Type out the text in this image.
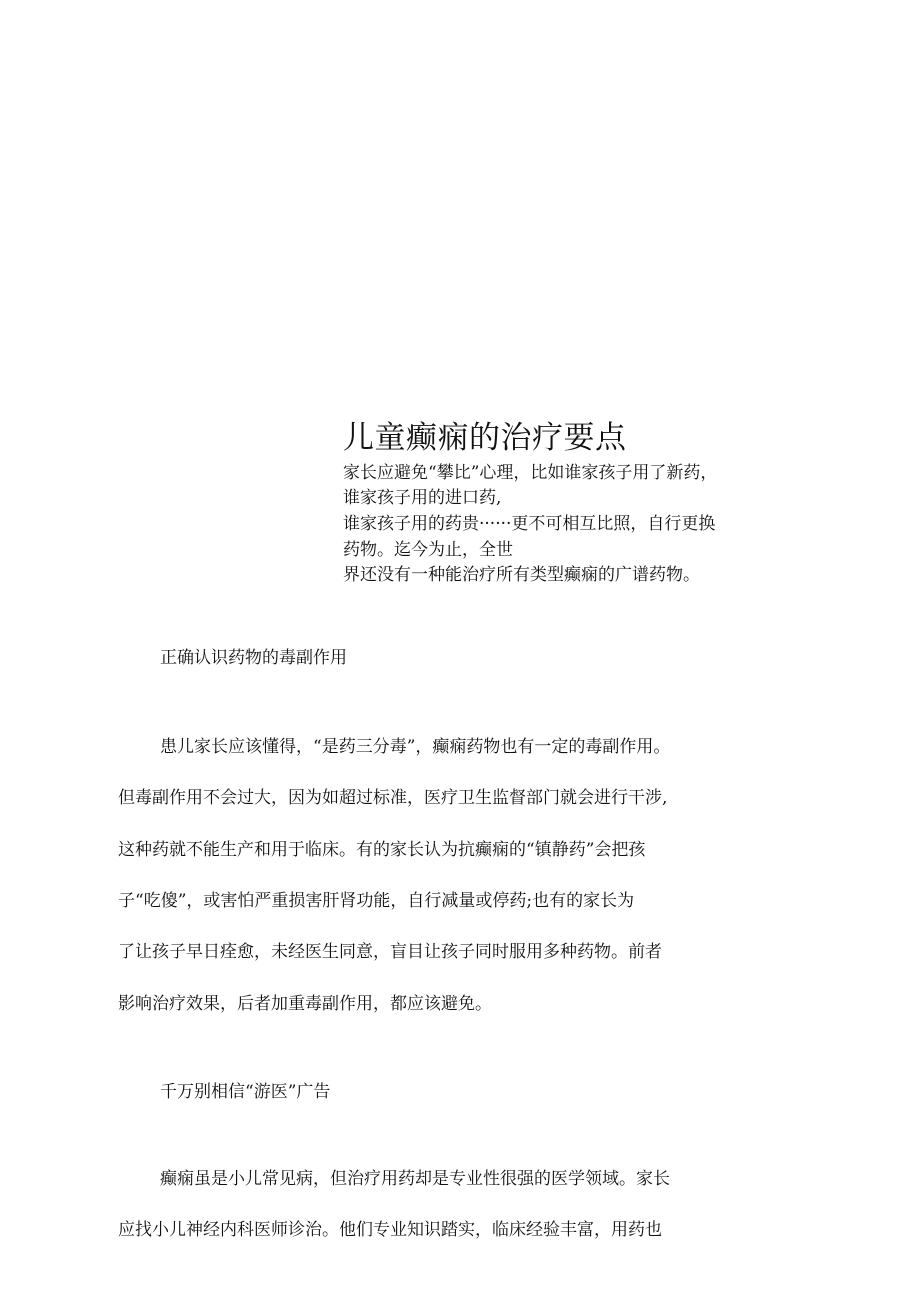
儿童癫痫的治疗要点
家长应避免“攀比”心理，比如谁家孩子用了新药，
谁家孩子用的进口药,
谁家孩子用的药贵······更不可相互比照，自行更换
药物。迄今为止，全世
界还没有一种能治疗所有类型癫痫的广谱药物。
正确认识药物的毒副作用
患儿家长应该懂得，“是药三分毒”，癫痫药物也有一定的毒副作用。
但毒副作用不会过大，因为如超过标准，医疗卫生监督部门就会进行干涉,
这种药就不能生产和用于临床。有的家长认为抗癫痫的“镇静药”会把孩
子“吃傻”，或害怕严重损害肝肾功能，自行减量或停药;也有的家长为
了让孩子早日痊愈，未经医生同意，盲目让孩子同时服用多种药物。前者
影响治疗效果，后者加重毒副作用，都应该避免。
千万别相信“游医”广告
癫痫虽是小儿常见病，但治疗用药却是专业性很强的医学领域。家长
应找小儿神经内科医师诊治。他们专业知识踏实，临床经验丰富，用药也
